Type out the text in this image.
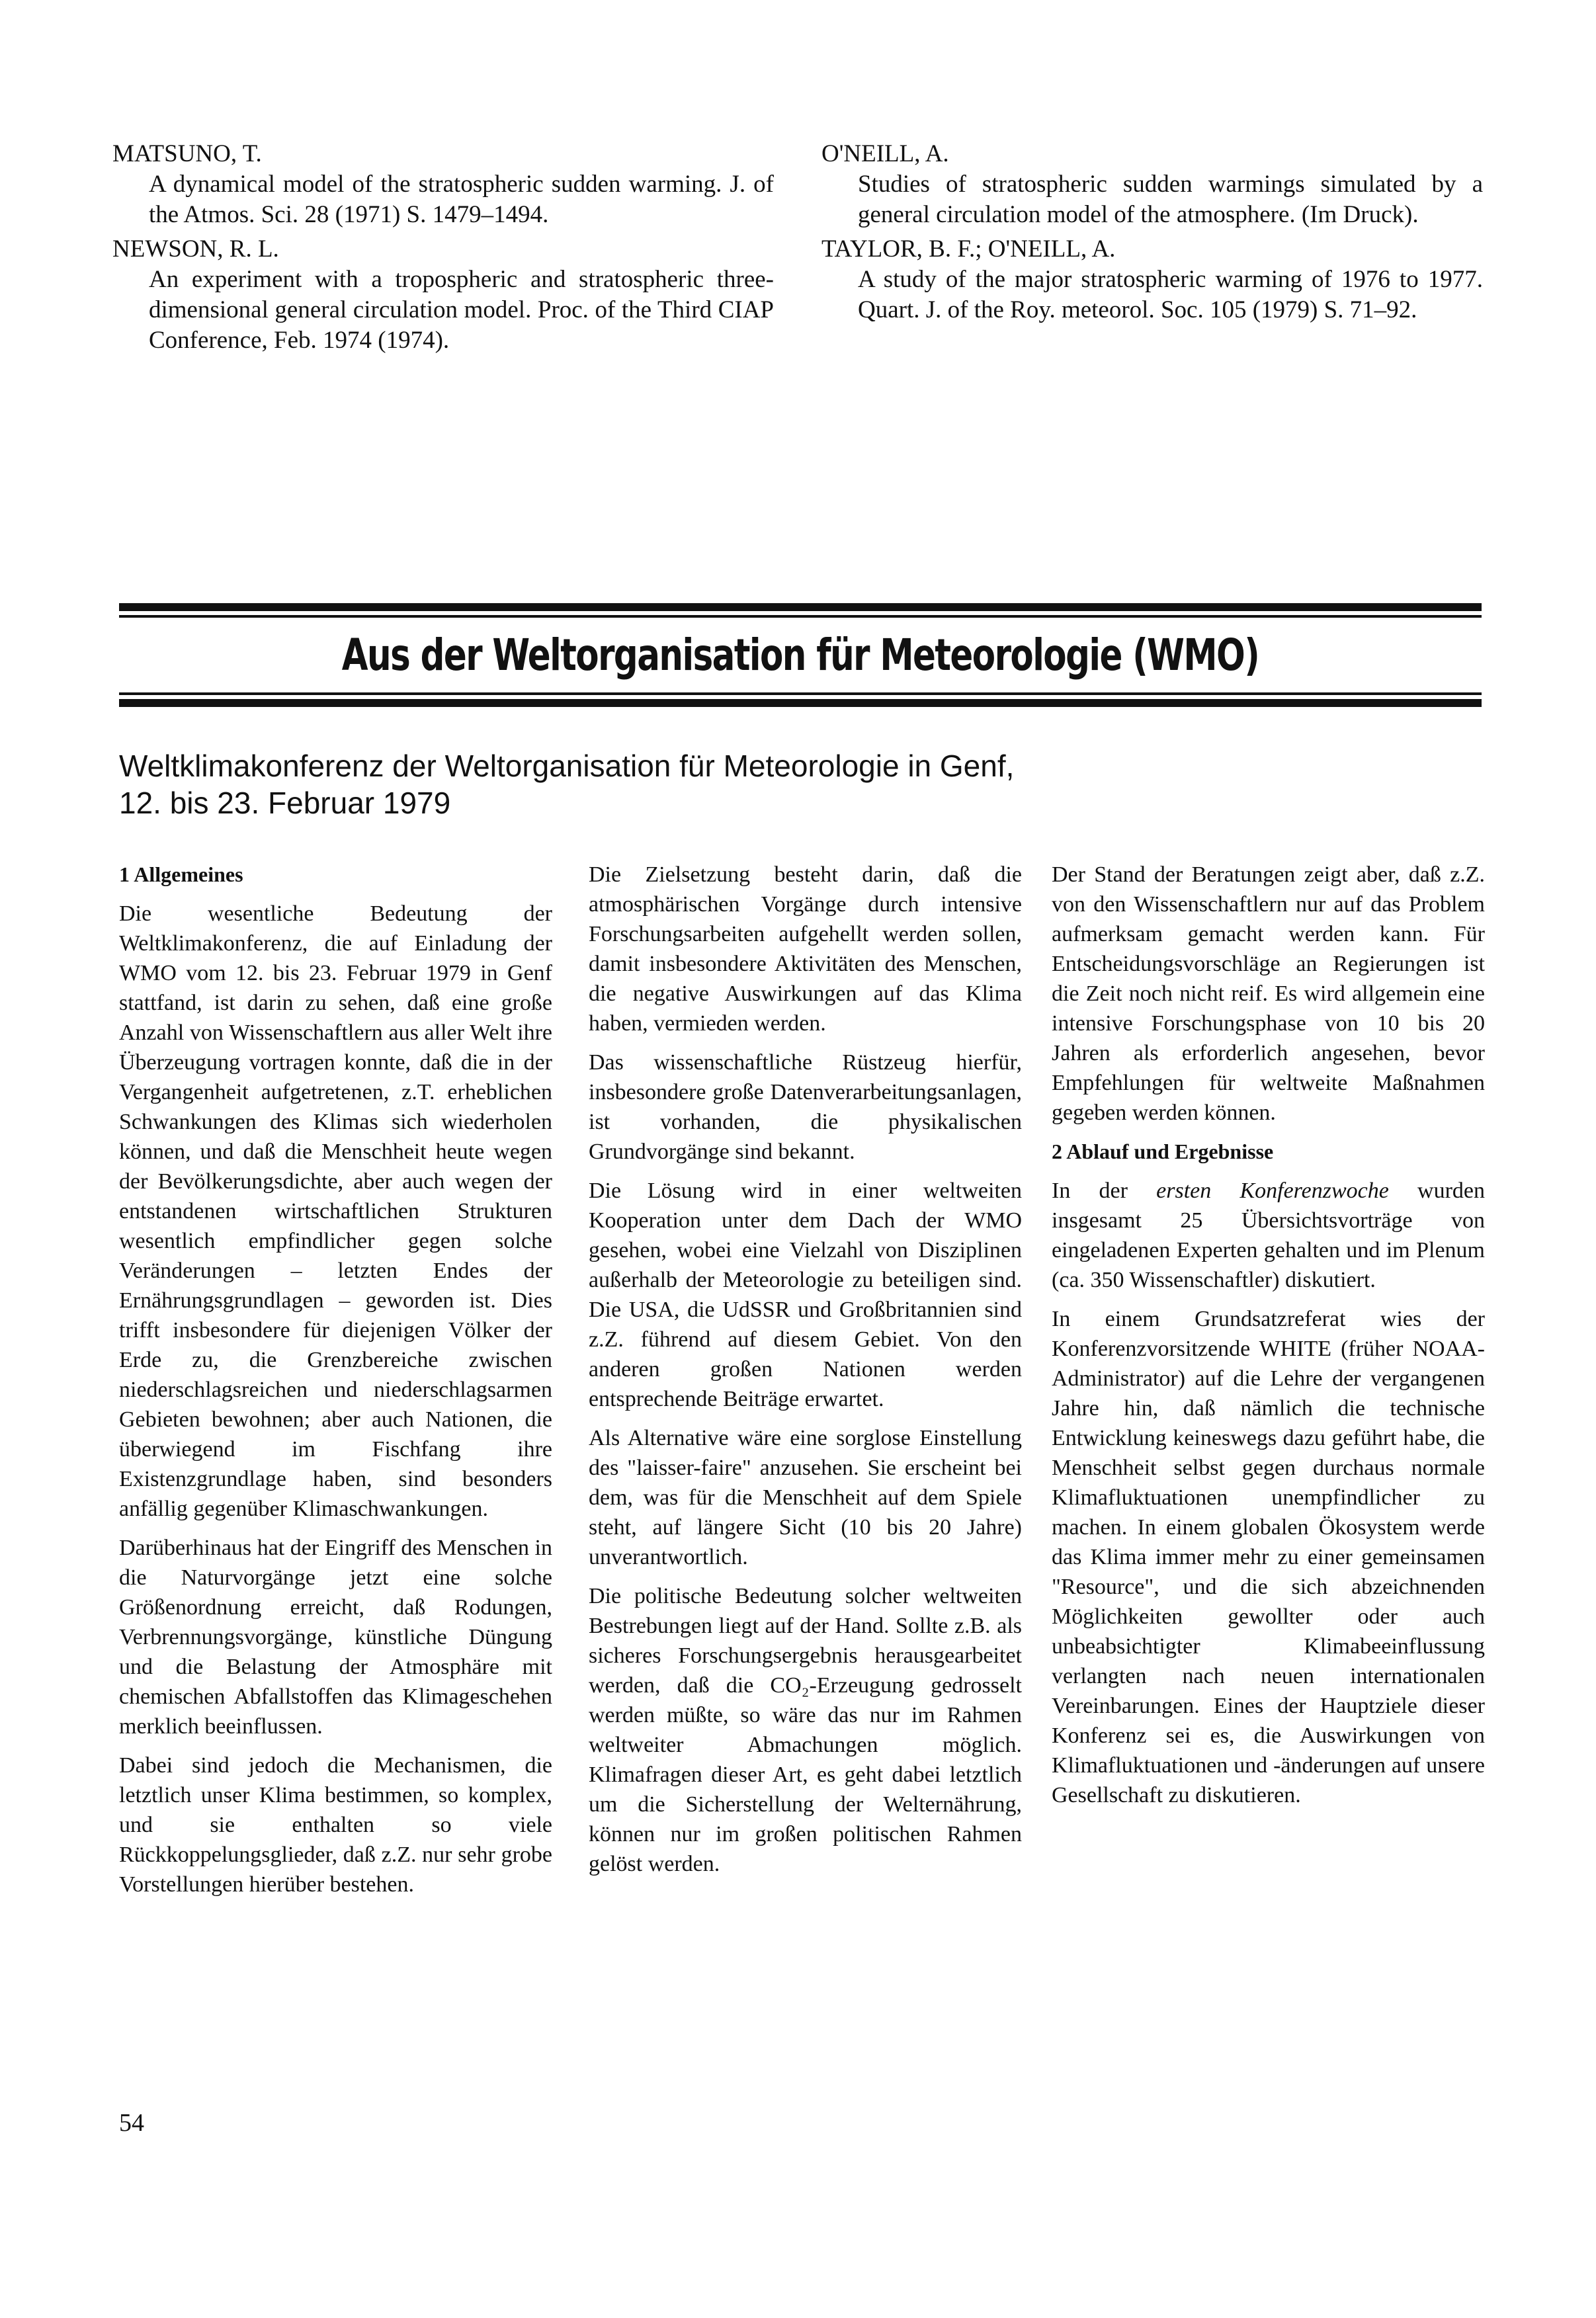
MATSUNO, T.

A dynamical model of the stratospheric sudden warming. J. of the Atmos. Sci. 28 (1971) S. 1479–1494.

NEWSON, R. L.

An experiment with a tropospheric and stratospheric three-dimensional general circulation model. Proc. of the Third CIAP Conference, Feb. 1974 (1974).

O'NEILL, A.

Studies of stratospheric sudden warmings simulated by a general circulation model of the atmosphere. (Im Druck).

TAYLOR, B. F.; O'NEILL, A.

A study of the major stratospheric warming of 1976 to 1977. Quart. J. of the Roy. meteorol. Soc. 105 (1979) S. 71–92.

Aus der Weltorganisation für Meteorologie (WMO)
Weltklimakonferenz der Weltorganisation für Meteorologie in Genf,
12. bis 23. Februar 1979

1 Allgemeines

Die wesentliche Bedeutung der Weltklimakonferenz, die auf Einladung der WMO vom 12. bis 23. Februar 1979 in Genf stattfand, ist darin zu sehen, daß eine große Anzahl von Wissenschaftlern aus aller Welt ihre Überzeugung vortragen konnte, daß die in der Vergangenheit aufgetretenen, z.T. erheblichen Schwankungen des Klimas sich wiederholen können, und daß die Menschheit heute wegen der Bevölkerungsdichte, aber auch wegen der entstandenen wirtschaftlichen Strukturen wesentlich empfindlicher gegen solche Veränderungen – letzten Endes der Ernährungsgrundlagen – geworden ist. Dies trifft insbesondere für diejenigen Völker der Erde zu, die Grenzbereiche zwischen niederschlagsreichen und niederschlagsarmen Gebieten bewohnen; aber auch Nationen, die überwiegend im Fischfang ihre Existenzgrundlage haben, sind besonders anfällig gegenüber Klimaschwankungen.

Darüberhinaus hat der Eingriff des Menschen in die Naturvorgänge jetzt eine solche Größenordnung erreicht, daß Rodungen, Verbrennungsvorgänge, künstliche Düngung und die Belastung der Atmosphäre mit chemischen Abfallstoffen das Klimageschehen merklich beeinflussen.

Dabei sind jedoch die Mechanismen, die letztlich unser Klima bestimmen, so komplex, und sie enthalten so viele Rückkoppelungsglieder, daß z.Z. nur sehr grobe Vorstellungen hierüber bestehen.

Die Zielsetzung besteht darin, daß die atmosphärischen Vorgänge durch intensive Forschungsarbeiten aufgehellt werden sollen, damit insbesondere Aktivitäten des Menschen, die negative Auswirkungen auf das Klima haben, vermieden werden.

Das wissenschaftliche Rüstzeug hierfür, insbesondere große Datenverarbeitungsanlagen, ist vorhanden, die physikalischen Grundvorgänge sind bekannt.

Die Lösung wird in einer weltweiten Kooperation unter dem Dach der WMO gesehen, wobei eine Vielzahl von Disziplinen außerhalb der Meteorologie zu beteiligen sind. Die USA, die UdSSR und Großbritannien sind z.Z. führend auf diesem Gebiet. Von den anderen großen Nationen werden entsprechende Beiträge erwartet.

Als Alternative wäre eine sorglose Einstellung des "laisser-faire" anzusehen. Sie erscheint bei dem, was für die Menschheit auf dem Spiele steht, auf längere Sicht (10 bis 20 Jahre) unverantwortlich.

Die politische Bedeutung solcher weltweiten Bestrebungen liegt auf der Hand. Sollte z.B. als sicheres Forschungsergebnis herausgearbeitet werden, daß die CO₂-Erzeugung gedrosselt werden müßte, so wäre das nur im Rahmen weltweiter Abmachungen möglich. Klimafragen dieser Art, es geht dabei letztlich um die Sicherstellung der Welternährung, können nur im großen politischen Rahmen gelöst werden.

Der Stand der Beratungen zeigt aber, daß z.Z. von den Wissenschaftlern nur auf das Problem aufmerksam gemacht werden kann. Für Entscheidungsvorschläge an Regierungen ist die Zeit noch nicht reif. Es wird allgemein eine intensive Forschungsphase von 10 bis 20 Jahren als erforderlich angesehen, bevor Empfehlungen für weltweite Maßnahmen gegeben werden können.

2 Ablauf und Ergebnisse

In der ersten Konferenzwoche wurden insgesamt 25 Übersichtsvorträge von eingeladenen Experten gehalten und im Plenum (ca. 350 Wissenschaftler) diskutiert.

In einem Grundsatzreferat wies der Konferenzvorsitzende WHITE (früher NOAA-Administrator) auf die Lehre der vergangenen Jahre hin, daß nämlich die technische Entwicklung keineswegs dazu geführt habe, die Menschheit selbst gegen durchaus normale Klimafluktuationen unempfindlicher zu machen. In einem globalen Ökosystem werde das Klima immer mehr zu einer gemeinsamen "Resource", und die sich abzeichnenden Möglichkeiten gewollter oder auch unbeabsichtigter Klimabeeinflussung verlangten nach neuen internationalen Vereinbarungen. Eines der Hauptziele dieser Konferenz sei es, die Auswirkungen von Klimafluktuationen und -änderungen auf unsere Gesellschaft zu diskutieren.

54
